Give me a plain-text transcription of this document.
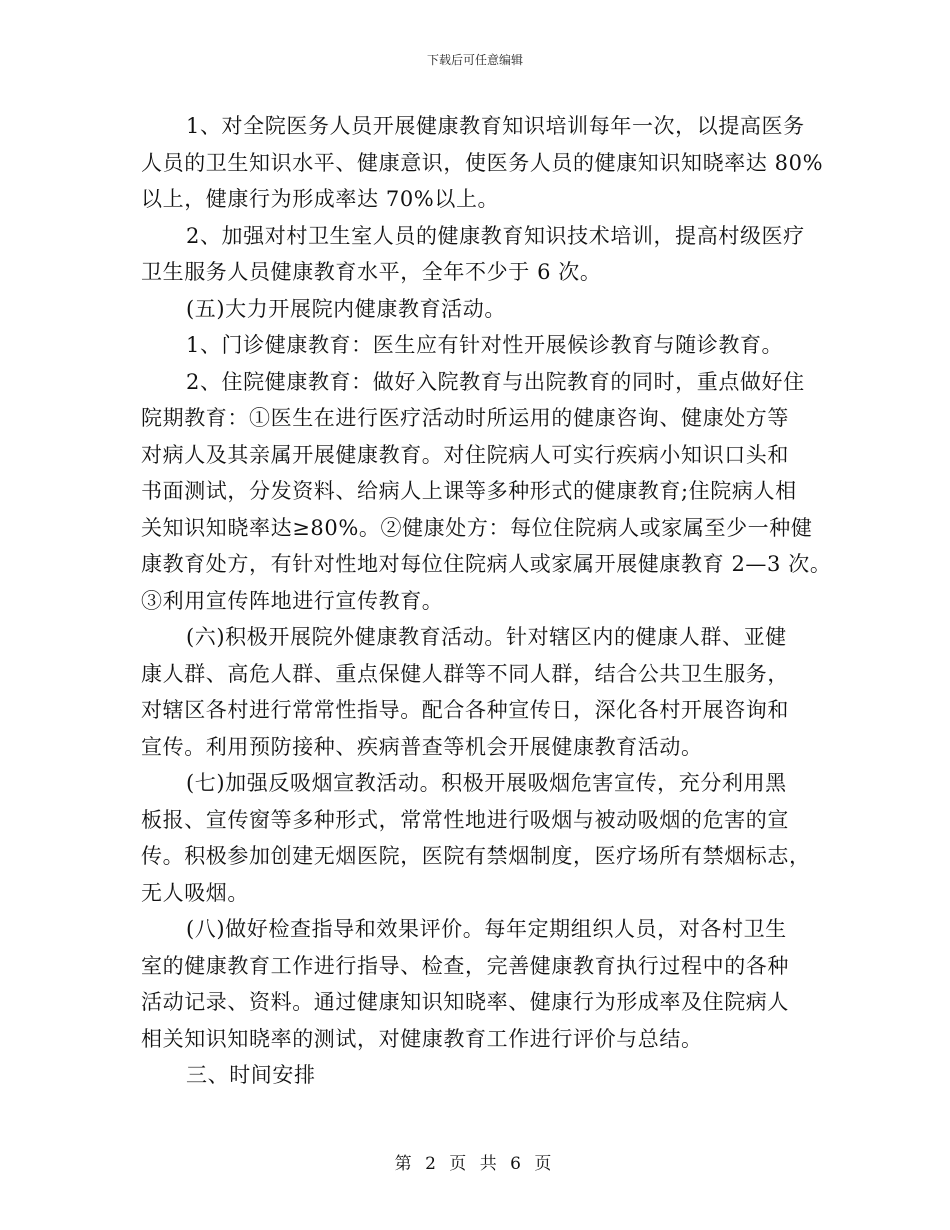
下载后可任意编辑
1、对全院医务人员开展健康教育知识培训每年一次，以提高医务
人员的卫生知识水平、健康意识，使医务人员的健康知识知晓率达 80%
以上，健康行为形成率达 70%以上。
2、加强对村卫生室人员的健康教育知识技术培训，提高村级医疗
卫生服务人员健康教育水平，全年不少于 6 次。
(五)大力开展院内健康教育活动。
1、门诊健康教育：医生应有针对性开展候诊教育与随诊教育。
2、住院健康教育：做好入院教育与出院教育的同时，重点做好住
院期教育：①医生在进行医疗活动时所运用的健康咨询、健康处方等
对病人及其亲属开展健康教育。对住院病人可实行疾病小知识口头和
书面测试，分发资料、给病人上课等多种形式的健康教育;住院病人相
关知识知晓率达≥80%。②健康处方：每位住院病人或家属至少一种健
康教育处方，有针对性地对每位住院病人或家属开展健康教育 2—3 次。
③利用宣传阵地进行宣传教育。
(六)积极开展院外健康教育活动。针对辖区内的健康人群、亚健
康人群、高危人群、重点保健人群等不同人群，结合公共卫生服务，
对辖区各村进行常常性指导。配合各种宣传日，深化各村开展咨询和
宣传。利用预防接种、疾病普查等机会开展健康教育活动。
(七)加强反吸烟宣教活动。积极开展吸烟危害宣传，充分利用黑
板报、宣传窗等多种形式，常常性地进行吸烟与被动吸烟的危害的宣
传。积极参加创建无烟医院，医院有禁烟制度，医疗场所有禁烟标志，
无人吸烟。
(八)做好检查指导和效果评价。每年定期组织人员，对各村卫生
室的健康教育工作进行指导、检查，完善健康教育执行过程中的各种
活动记录、资料。通过健康知识知晓率、健康行为形成率及住院病人
相关知识知晓率的测试，对健康教育工作进行评价与总结。
三、时间安排
第 2 页 共 6 页
